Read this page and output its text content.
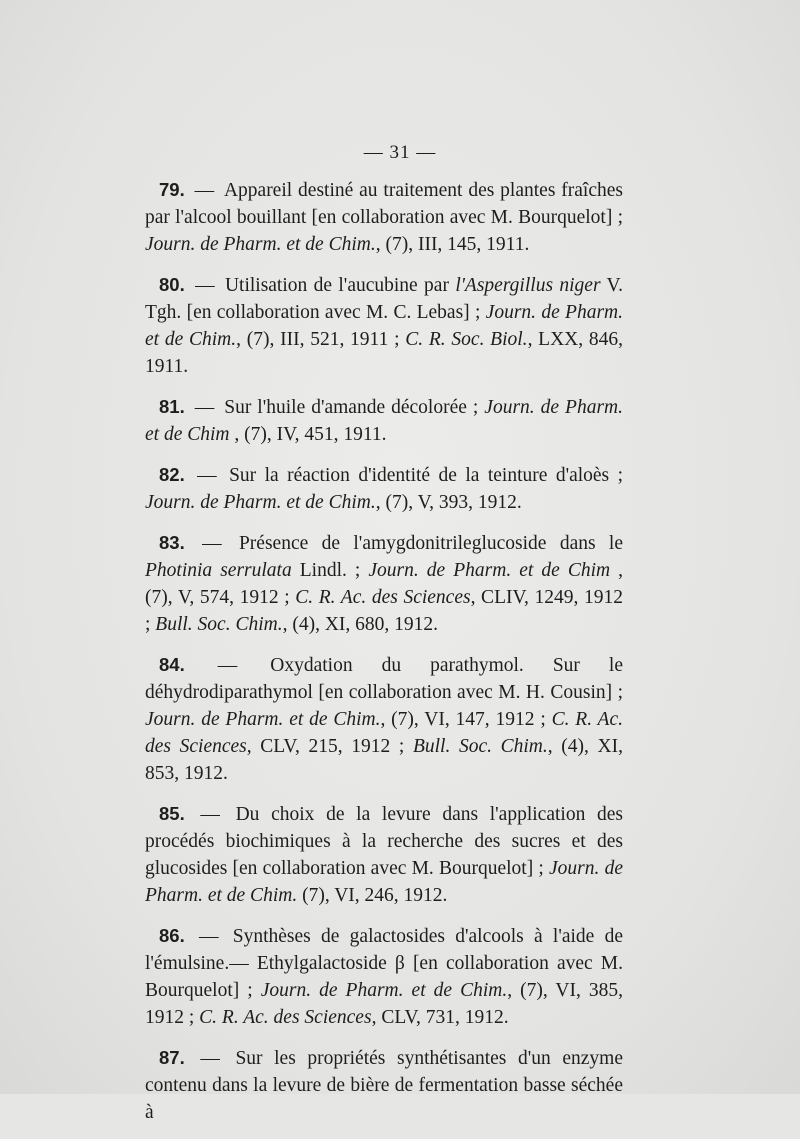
— 31 —

79. — Appareil destiné au traitement des plantes fraîches par l'alcool bouillant [en collaboration avec M. Bourquelot] ; Journ. de Pharm. et de Chim., (7), III, 145, 1911.

80. — Utilisation de l'aucubine par l'Aspergillus niger V. Tgh. [en collaboration avec M. C. Lebas] ; Journ. de Pharm. et de Chim., (7), III, 521, 1911 ; C. R. Soc. Biol., LXX, 846, 1911.

81. — Sur l'huile d'amande décolorée ; Journ. de Pharm. et de Chim , (7), IV, 451, 1911.

82. — Sur la réaction d'identité de la teinture d'aloès ; Journ. de Pharm. et de Chim., (7), V, 393, 1912.

83. — Présence de l'amygdonitrileglucoside dans le Photinia serrulata Lindl. ; Journ. de Pharm. et de Chim , (7), V, 574, 1912 ; C. R. Ac. des Sciences, CLIV, 1249, 1912 ; Bull. Soc. Chim., (4), XI, 680, 1912.

84. — Oxydation du parathymol. Sur le déhydrodiparathymol [en collaboration avec M. H. Cousin] ; Journ. de Pharm. et de Chim., (7), VI, 147, 1912 ; C. R. Ac. des Sciences, CLV, 215, 1912 ; Bull. Soc. Chim., (4), XI, 853, 1912.

85. — Du choix de la levure dans l'application des procédés biochimiques à la recherche des sucres et des glucosides [en collaboration avec M. Bourquelot] ; Journ. de Pharm. et de Chim. (7), VI, 246, 1912.

86. — Synthèses de galactosides d'alcools à l'aide de l'émulsine.— Ethylgalactoside β [en collaboration avec M. Bourquelot] ; Journ. de Pharm. et de Chim., (7), VI, 385, 1912 ; C. R. Ac. des Sciences, CLV, 731, 1912.

87. — Sur les propriétés synthétisantes d'un enzyme contenu dans la levure de bière de fermentation basse séchée à
